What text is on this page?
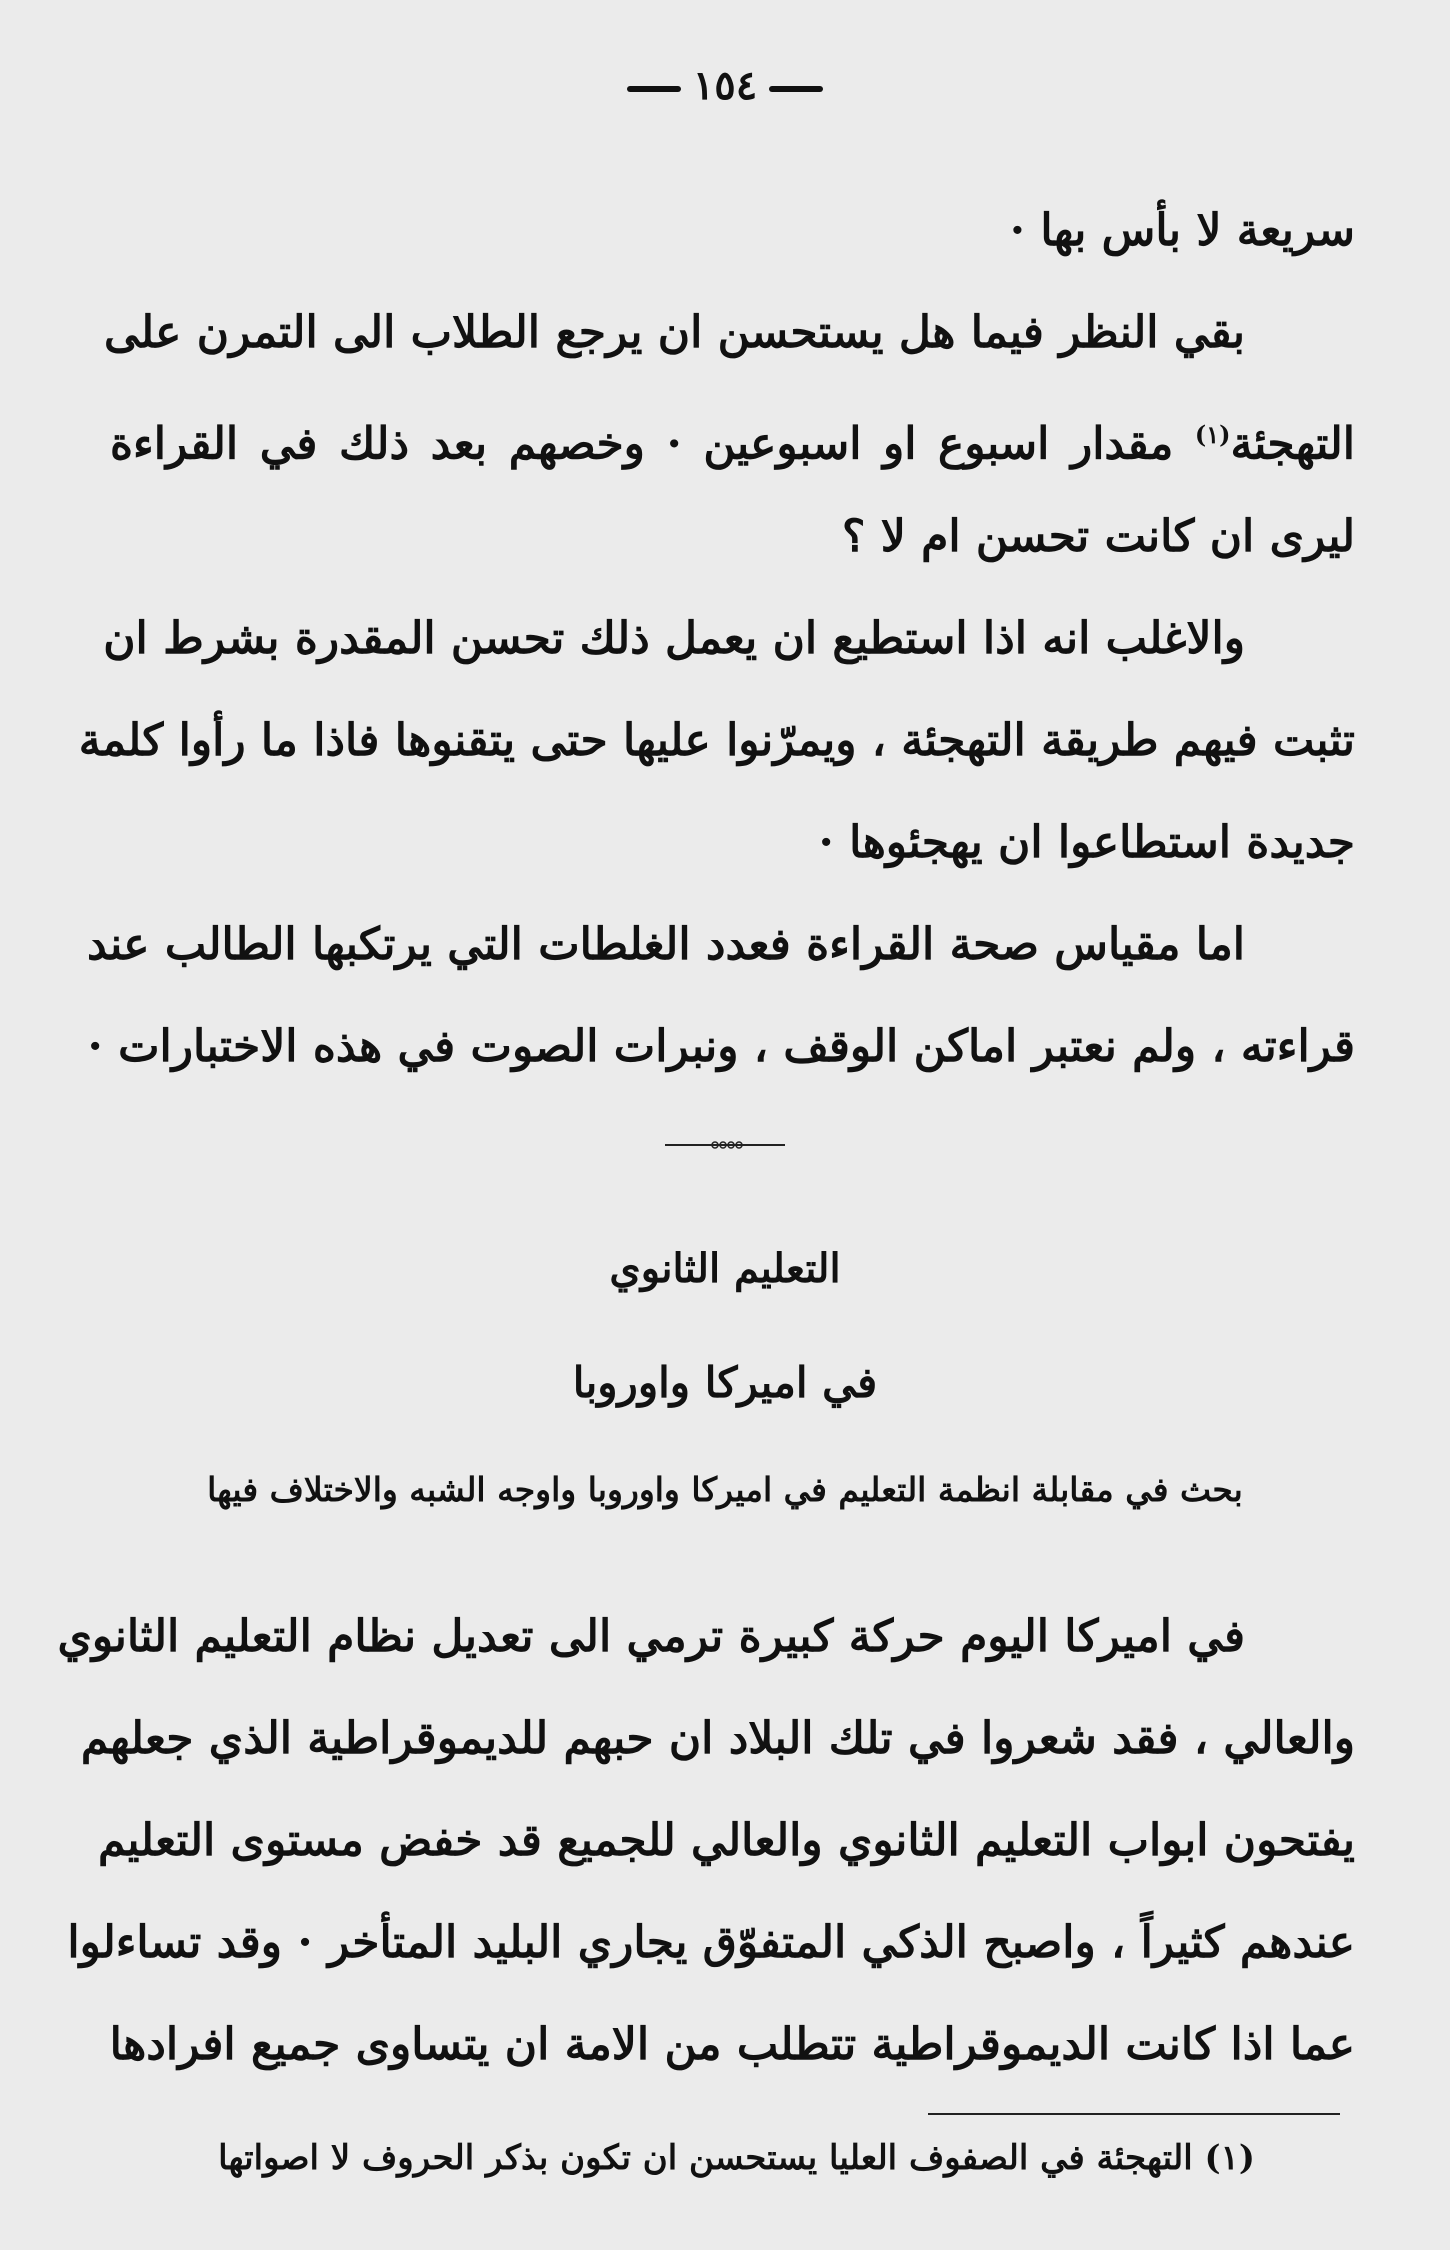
١٥٤
سريعة لا بأس بها ·
بقي النظر فيما هل يستحسن ان يرجع الطلاب الى التمرن على
التهجئة$^{(١)}$ مقدار اسبوع او اسبوعين · وخصهم بعد ذلك في القراءة
ليرى ان كانت تحسن ام لا ؟
والاغلب انه اذا استطيع ان يعمل ذلك تحسن المقدرة بشرط ان
تثبت فيهم طريقة التهجئة ، ويمرّنوا عليها حتى يتقنوها فاذا ما رأوا كلمة
جديدة استطاعوا ان يهجئوها ·
اما مقياس صحة القراءة فعدد الغلطات التي يرتكبها الطالب عند
قراءته ، ولم نعتبر اماكن الوقف ، ونبرات الصوت في هذه الاختبارات ·
التعليم الثانوي
في اميركا واوروبا
بحث في مقابلة انظمة التعليم في اميركا واوروبا واوجه الشبه والاختلاف فيها
في اميركا اليوم حركة كبيرة ترمي الى تعديل نظام التعليم الثانوي
والعالي ، فقد شعروا في تلك البلاد ان حبهم للديموقراطية الذي جعلهم
يفتحون ابواب التعليم الثانوي والعالي للجميع قد خفض مستوى التعليم
عندهم كثيراً ، واصبح الذكي المتفوّق يجاري البليد المتأخر · وقد تساءلوا
عما اذا كانت الديموقراطية تتطلب من الامة ان يتساوى جميع افرادها
(١) التهجئة في الصفوف العليا يستحسن ان تكون بذكر الحروف لا اصواتها
